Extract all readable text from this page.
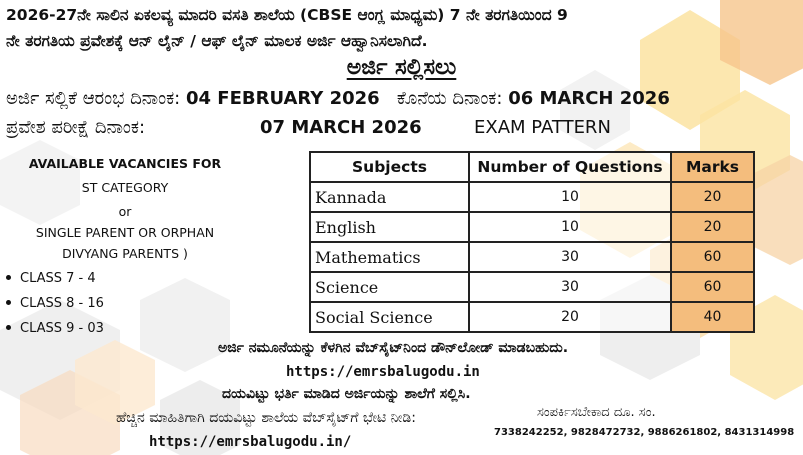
2026-27ನೇ ಸಾಲಿನ ಏಕಲವ್ಯ ಮಾದರಿ ವಸತಿ ಶಾಲೆಯ (CBSE ಆಂಗ್ಲ ಮಾಧ್ಯಮ) 7 ನೇ ತರಗತಿಯಿಂದ 9
ನೇ ತರಗತಿಯ ಪ್ರವೇಶಕ್ಕೆ ಆನ್ ಲೈನ್ / ಆಫ್ ಲೈನ್ ಮಾಲಕ ಅರ್ಜಿ ಆಹ್ವಾನಿಸಲಾಗಿದೆ.
ಅರ್ಜಿ ಸಲ್ಲಿಸಲು
ಅರ್ಜಿ ಸಲ್ಲಿಕೆ ಆರಂಭ ದಿನಾಂಕ: 04 FEBRUARY 2026 ಕೊನೆಯ ದಿನಾಂಕ: 06 MARCH 2026
ಪ್ರವೇಶ ಪರೀಕ್ಷೆ ದಿನಾಂಕ:	07 MARCH 2026	EXAM PATTERN
AVAILABLE VACANCIES FOR
ST CATEGORY
or
SINGLE PARENT OR ORPHAN
DIVYANG PARENTS )
CLASS 7 - 4
CLASS 8 - 16
CLASS 9 - 03
Subjects	Number of Questions	Marks
Kannada	10	20
English	10	20
Mathematics	30	60
Science	30	60
Social Science	20	40
ಅರ್ಜಿ ನಮೂನೆಯನ್ನು ಕೆಳಗಿನ ವೆಬ್‌ಸೈಟ್‌ನಿಂದ ಡೌನ್‌ಲೋಡ್ ಮಾಡಬಹುದು.
https://emrsbalugodu.in
ದಯವಿಟ್ಟು ಭರ್ತಿ ಮಾಡಿದ ಅರ್ಜಿಯನ್ನು ಶಾಲೆಗೆ ಸಲ್ಲಿಸಿ.
ಹೆಚ್ಚಿನ ಮಾಹಿತಿಗಾಗಿ ದಯವಿಟ್ಟು ಶಾಲೆಯ ವೆಬ್‌ಸೈಟ್‌ಗೆ ಭೇಟಿ ನೀಡಿ:
https://emrsbalugodu.in/
ಸಂಪರ್ಕಿಸಬೇಕಾದ ದೂ. ಸಂ.
7338242252, 9828472732, 9886261802, 8431314998
